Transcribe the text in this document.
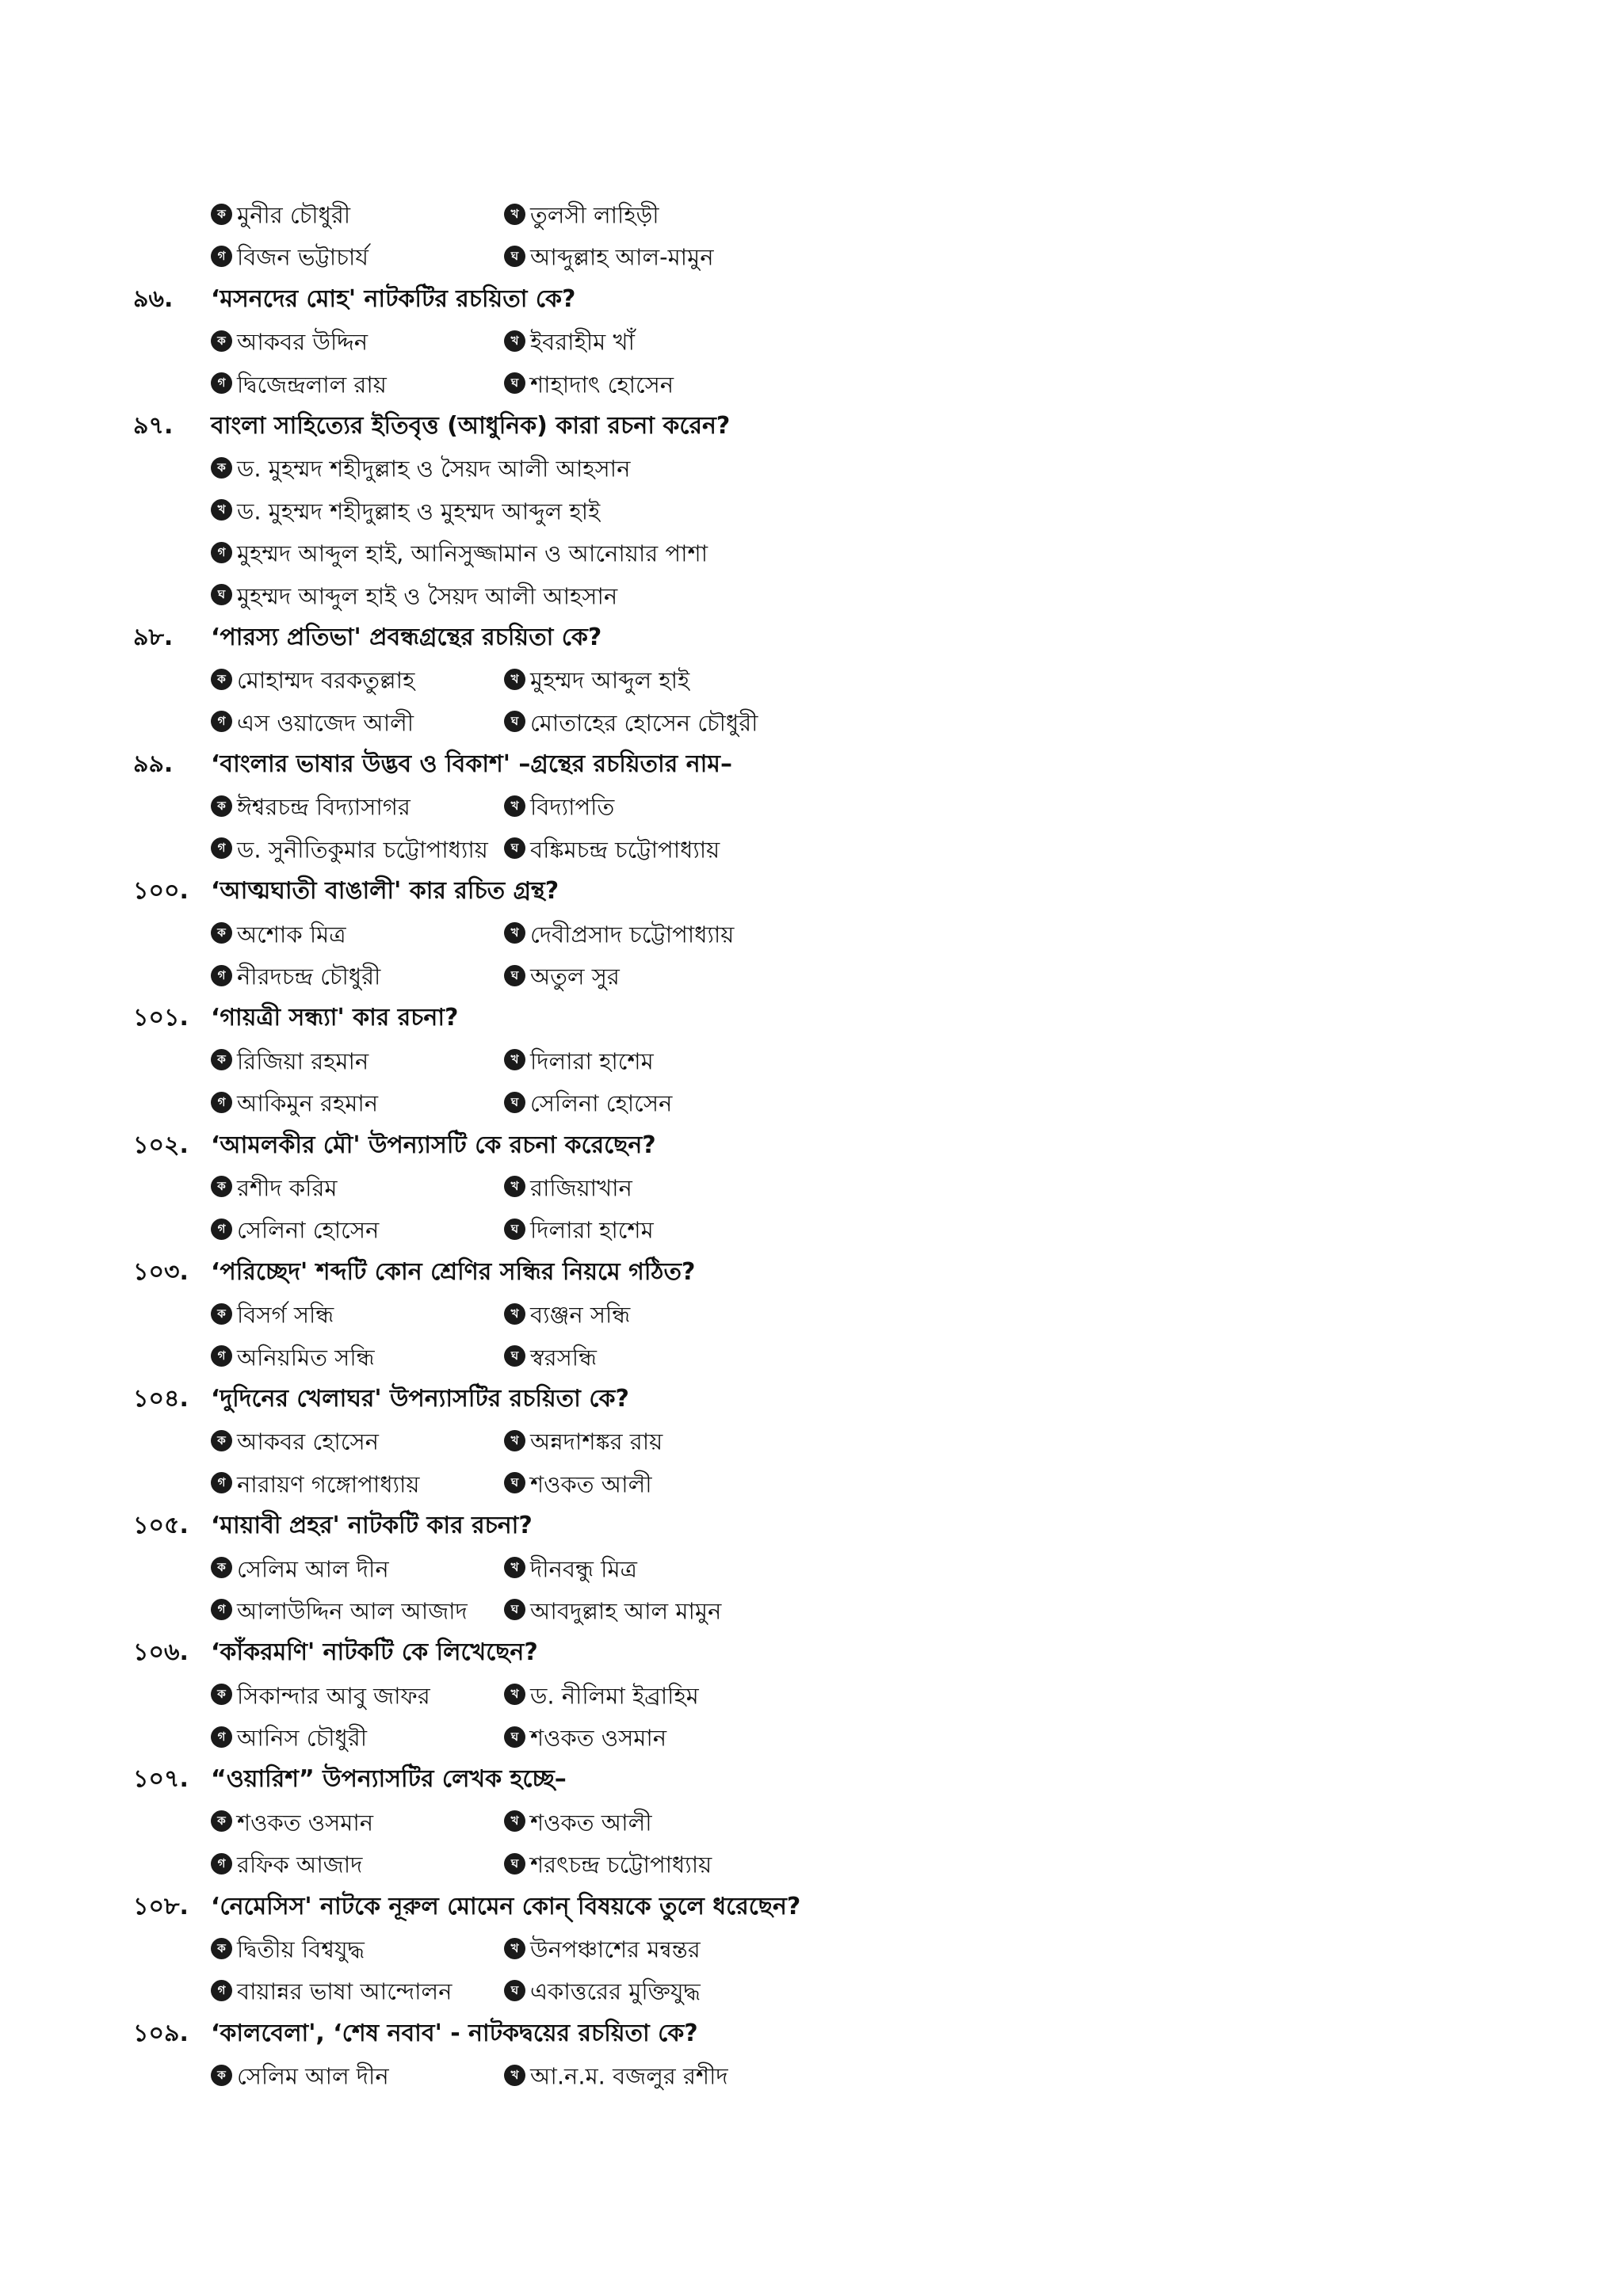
ক মুনীর চৌধুরী	খ তুলসী লাহিড়ী
গ বিজন ভট্টাচার্য	ঘ আব্দুল্লাহ আল-মামুন
৯৬. ‘মসনদের মোহ' নাটকটির রচয়িতা কে?
ক আকবর উদ্দিন	খ ইবরাহীম খাঁ
গ দ্বিজেন্দ্রলাল রায়	ঘ শাহাদাৎ হোসেন
৯৭. বাংলা সাহিত্যের ইতিবৃত্ত (আধুনিক) কারা রচনা করেন?
ক ড. মুহম্মদ শহীদুল্লাহ ও সৈয়দ আলী আহসান
খ ড. মুহম্মদ শহীদুল্লাহ ও মুহম্মদ আব্দুল হাই
গ মুহম্মদ আব্দুল হাই, আনিসুজ্জামান ও আনোয়ার পাশা
ঘ মুহম্মদ আব্দুল হাই ও সৈয়দ আলী আহসান
৯৮. ‘পারস্য প্রতিভা' প্রবন্ধগ্রন্থের রচয়িতা কে?
ক মোহাম্মদ বরকতুল্লাহ	খ মুহম্মদ আব্দুল হাই
গ এস ওয়াজেদ আলী	ঘ মোতাহের হোসেন চৌধুরী
৯৯. ‘বাংলার ভাষার উদ্ভব ও বিকাশ' –গ্রন্থের রচয়িতার নাম–
ক ঈশ্বরচন্দ্র বিদ্যাসাগর	খ বিদ্যাপতি
গ ড. সুনীতিকুমার চট্টোপাধ্যায়	ঘ বঙ্কিমচন্দ্র চট্টোপাধ্যায়
১০০. ‘আত্মঘাতী বাঙালী' কার রচিত গ্রন্থ?
ক অশোক মিত্র	খ দেবীপ্রসাদ চট্টোপাধ্যায়
গ নীরদচন্দ্র চৌধুরী	ঘ অতুল সুর
১০১. ‘গায়ত্রী সন্ধ্যা' কার রচনা?
ক রিজিয়া রহমান	খ দিলারা হাশেম
গ আকিমুন রহমান	ঘ সেলিনা হোসেন
১০২. ‘আমলকীর মৌ' উপন্যাসটি কে রচনা করেছেন?
ক রশীদ করিম	খ রাজিয়াখান
গ সেলিনা হোসেন	ঘ দিলারা হাশেম
১০৩. ‘পরিচ্ছেদ' শব্দটি কোন শ্রেণির সন্ধির নিয়মে গঠিত?
ক বিসর্গ সন্ধি	খ ব্যঞ্জন সন্ধি
গ অনিয়মিত সন্ধি	ঘ স্বরসন্ধি
১০৪. ‘দুদিনের খেলাঘর' উপন্যাসটির রচয়িতা কে?
ক আকবর হোসেন	খ অন্নদাশঙ্কর রায়
গ নারায়ণ গঙ্গোপাধ্যায়	ঘ শওকত আলী
১০৫. ‘মায়াবী প্রহর' নাটকটি কার রচনা?
ক সেলিম আল দীন	খ দীনবন্ধু মিত্র
গ আলাউদ্দিন আল আজাদ	ঘ আবদুল্লাহ আল মামুন
১০৬. ‘কাঁকরমণি' নাটকটি কে লিখেছেন?
ক সিকান্দার আবু জাফর	খ ড. নীলিমা ইব্রাহিম
গ আনিস চৌধুরী	ঘ শওকত ওসমান
১০৭. “ওয়ারিশ” উপন্যাসটির লেখক হচ্ছে–
ক শওকত ওসমান	খ শওকত আলী
গ রফিক আজাদ	ঘ শরৎচন্দ্র চট্টোপাধ্যায়
১০৮. ‘নেমেসিস' নাটকে নূরুল মোমেন কোন্ বিষয়কে তুলে ধরেছেন?
ক দ্বিতীয় বিশ্বযুদ্ধ	খ উনপঞ্চাশের মন্বন্তর
গ বায়ান্নর ভাষা আন্দোলন	ঘ একাত্তরের মুক্তিযুদ্ধ
১০৯. ‘কালবেলা', ‘শেষ নবাব' - নাটকদ্বয়ের রচয়িতা কে?
ক সেলিম আল দীন	খ আ.ন.ম. বজলুর রশীদ
